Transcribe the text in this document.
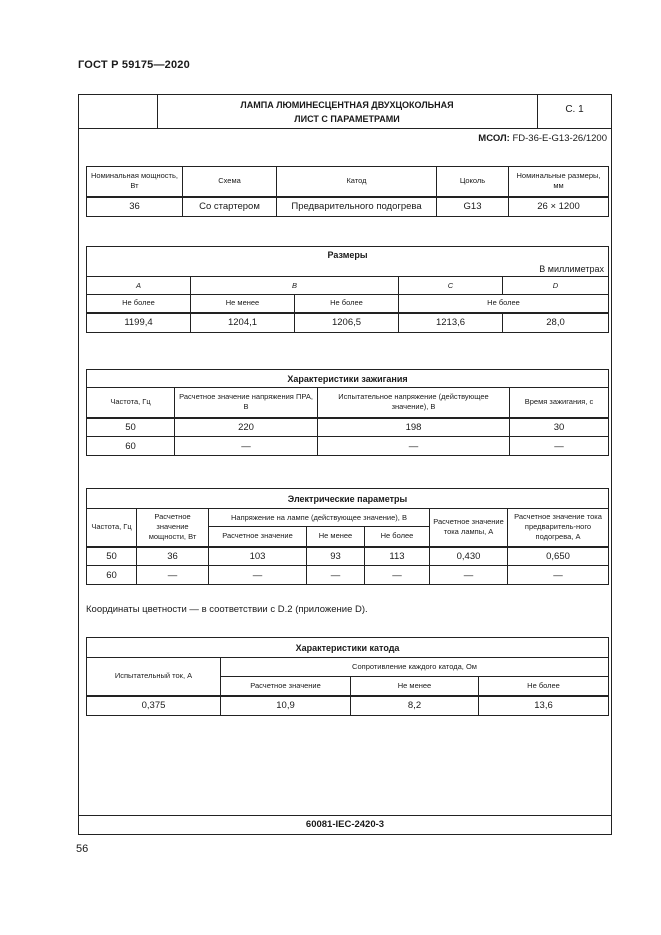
ГОСТ Р 59175—2020
ЛАМПА ЛЮМИНЕСЦЕНТНАЯ ДВУХЦОКОЛЬНАЯ
ЛИСТ С ПАРАМЕТРАМИ
С. 1
МСОЛ: FD-36-E-G13-26/1200
Номинальная мощность, Вт	Схема	Катод	Цоколь	Номинальные размеры, мм
36	Со стартером	Предварительного подогрева	G13	26 × 1200
Размеры				
В миллиметрах				
A	B		C	D
Не более	Не менее	Не более	Не более	
1199,4	1204,1	1206,5	1213,6	28,0
Характеристики зажигания			
Частота, Гц	Расчетное значение напряжения ПРА, В	Испытательное напряжение (действующее значение), В	Время зажигания, с
50	220	198	30
60	—	—	—
Электрические параметры						
Частота, Гц	Расчетное значение мощности, Вт	Напряжение на лампе (действующее значение), В			Расчетное значение тока лампы, А	Расчетное значение тока предваритель-ного подогрева, А
		Расчетное значение	Не менее	Не более		
50	36	103	93	113	0,430	0,650
60	—	—	—	—	—	—
Координаты цветности — в соответствии с D.2 (приложение D).
Характеристики катода			
Испытательный ток, А	Сопротивление каждого катода, Ом		
	Расчетное значение	Не менее	Не более
0,375	10,9	8,2	13,6
60081-IEC-2420-3
56
